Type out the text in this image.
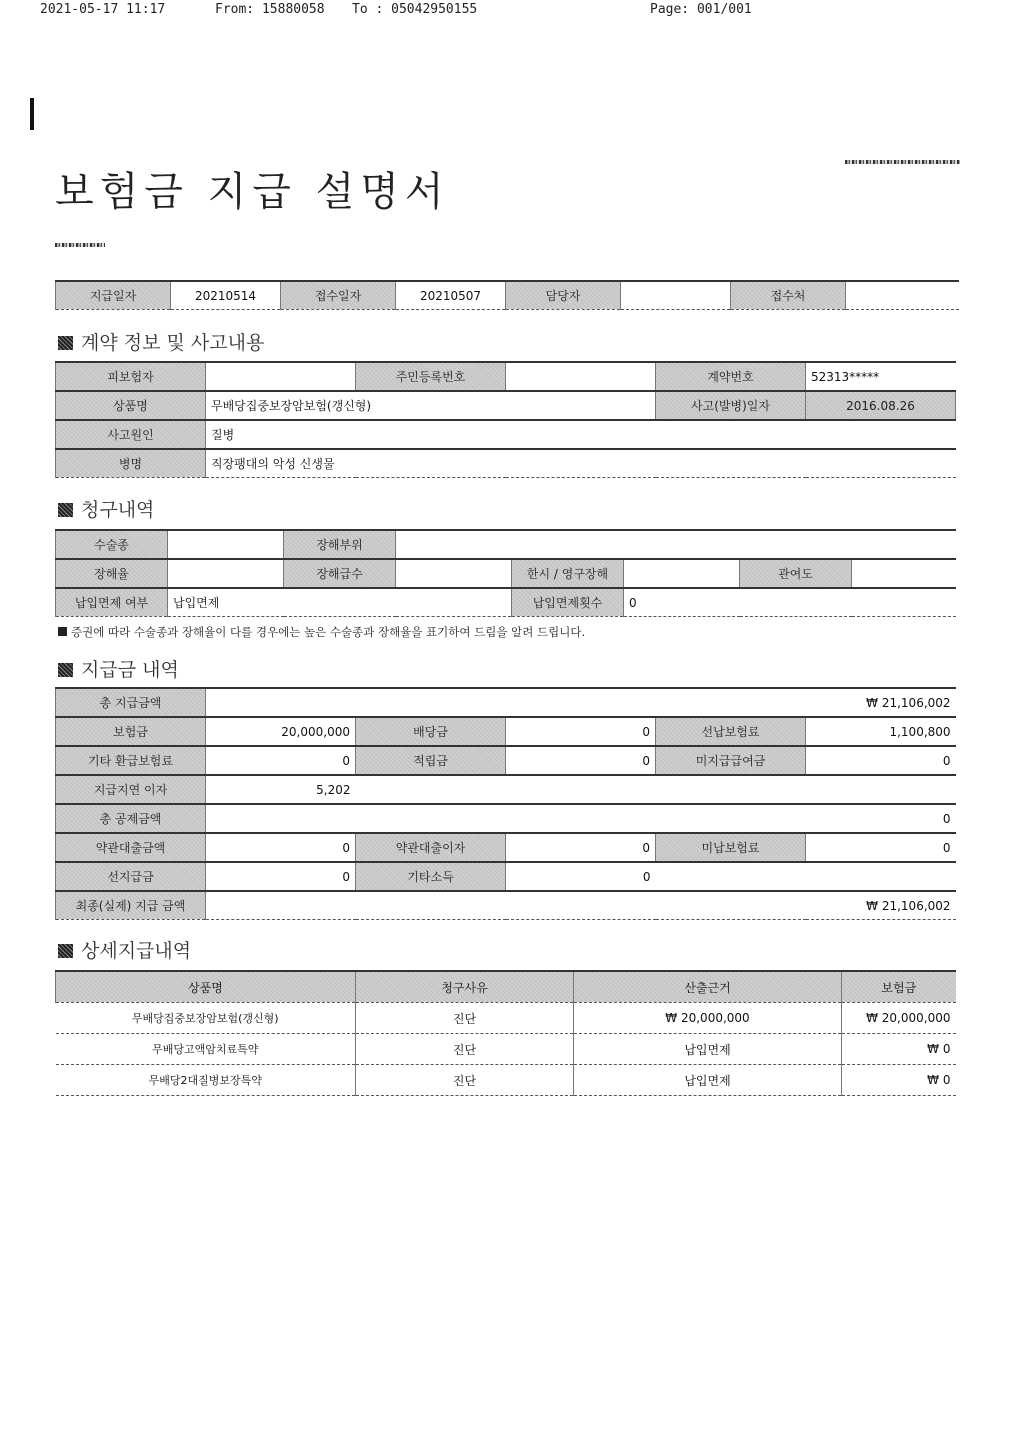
2021-05-17 11:17	From: 15880058 To : 05042950155	Page: 001/001
보험금 지급 설명서
지급일자	20210514	접수일자	20210507	담당자		접수처	
계약 정보 및 사고내용
피보험자		주민등록번호		계약번호	52313*****
상품명	무배당집중보장암보험(갱신형)			사고(발병)일자	2016.08.26
사고원인	질병				
병명	직장팽대의 악성 신생물				
청구내역
수술종		장해부위					
장해율		장해급수		한시 / 영구장해		관여도	
납입면제 여부	납입면제			납입면제횟수	0		
증권에 따라 수술종과 장해율이 다를 경우에는 높은 수술종과 장해율을 표기하여 드림을 알려 드립니다.
지급금 내역
총 지급금액	₩ 21,106,002				
보험금	20,000,000	배당금	0	선납보험료	1,100,800
기타 환급보험료	0	적립금	0	미지급급여금	0
지급지연 이자	5,202				
총 공제금액	0				
약관대출금액	0	약관대출이자	0	미납보험료	0
선지급금	0	기타소득	0		
최종(실제) 지급 금액	₩ 21,106,002				
상세지급내역
상품명	청구사유	산출근거	보험금
무배당집중보장암보험(갱신형)	진단	₩ 20,000,000	₩ 20,000,000
무배당고액암치료특약	진단	납입면제	₩ 0
무배당2대질병보장특약	진단	납입면제	₩ 0
